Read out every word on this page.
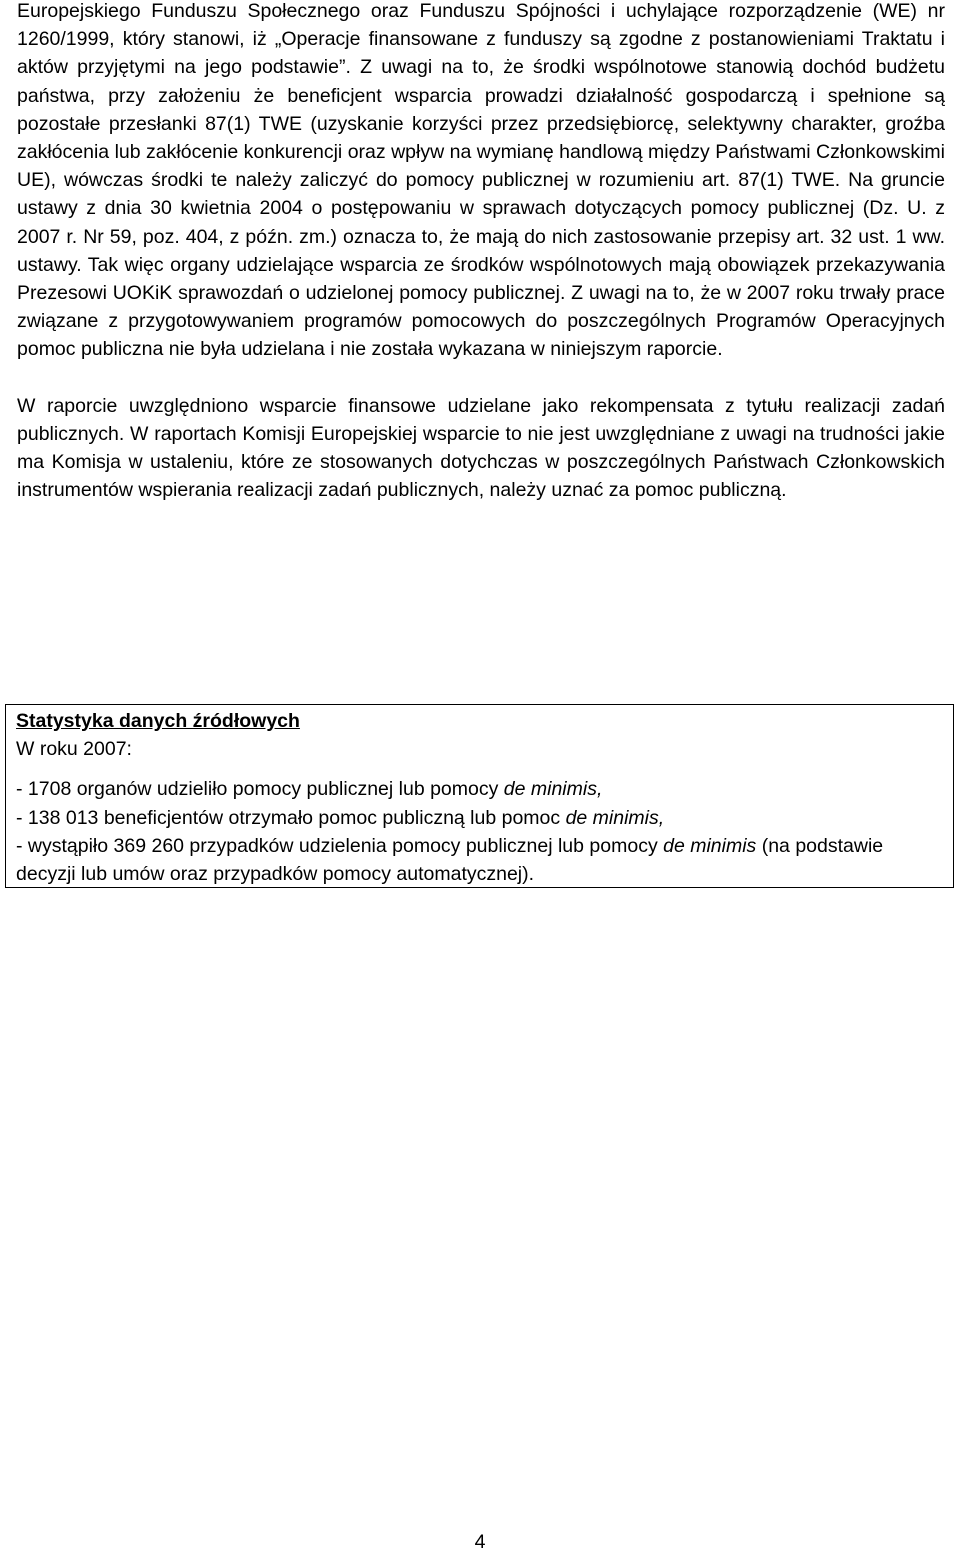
Europejskiego Funduszu Społecznego oraz Funduszu Spójności i uchylające rozporządzenie (WE) nr 1260/1999, który stanowi, iż „Operacje finansowane z funduszy są zgodne z postanowieniami Traktatu i aktów przyjętymi na jego podstawie”. Z uwagi na to, że środki wspólnotowe stanowią dochód budżetu państwa, przy założeniu że beneficjent wsparcia prowadzi działalność gospodarczą i spełnione są pozostałe przesłanki 87(1) TWE (uzyskanie korzyści przez przedsiębiorcę, selektywny charakter, groźba zakłócenia lub zakłócenie konkurencji oraz wpływ na wymianę handlową między Państwami Członkowskimi UE), wówczas środki te należy zaliczyć do pomocy publicznej w rozumieniu art. 87(1) TWE. Na gruncie ustawy z dnia 30 kwietnia 2004 o postępowaniu w sprawach dotyczących pomocy publicznej (Dz. U. z 2007 r. Nr 59, poz. 404, z późn. zm.) oznacza to, że mają do nich zastosowanie przepisy art. 32 ust. 1 ww. ustawy. Tak więc organy udzielające wsparcia ze środków wspólnotowych mają obowiązek przekazywania Prezesowi UOKiK sprawozdań o udzielonej pomocy publicznej. Z uwagi na to, że w 2007 roku trwały prace związane z przygotowywaniem programów pomocowych do poszczególnych Programów Operacyjnych pomoc publiczna nie była udzielana i nie została wykazana w niniejszym raporcie.

W raporcie uwzględniono wsparcie finansowe udzielane jako rekompensata z tytułu realizacji zadań publicznych. W raportach Komisji Europejskiej wsparcie to nie jest uwzględniane z uwagi na trudności jakie ma Komisja w ustaleniu, które ze stosowanych dotychczas w poszczególnych Państwach Członkowskich instrumentów wspierania realizacji zadań publicznych, należy uznać za pomoc publiczną.

Statystyka danych źródłowych

W roku 2007:

- 1708 organów udzieliło pomocy publicznej lub pomocy de minimis,
- 138 013 beneficjentów otrzymało pomoc publiczną lub pomoc de minimis,
- wystąpiło 369 260 przypadków udzielenia pomocy publicznej lub pomocy de minimis (na podstawie decyzji lub umów oraz przypadków pomocy automatycznej).
4
